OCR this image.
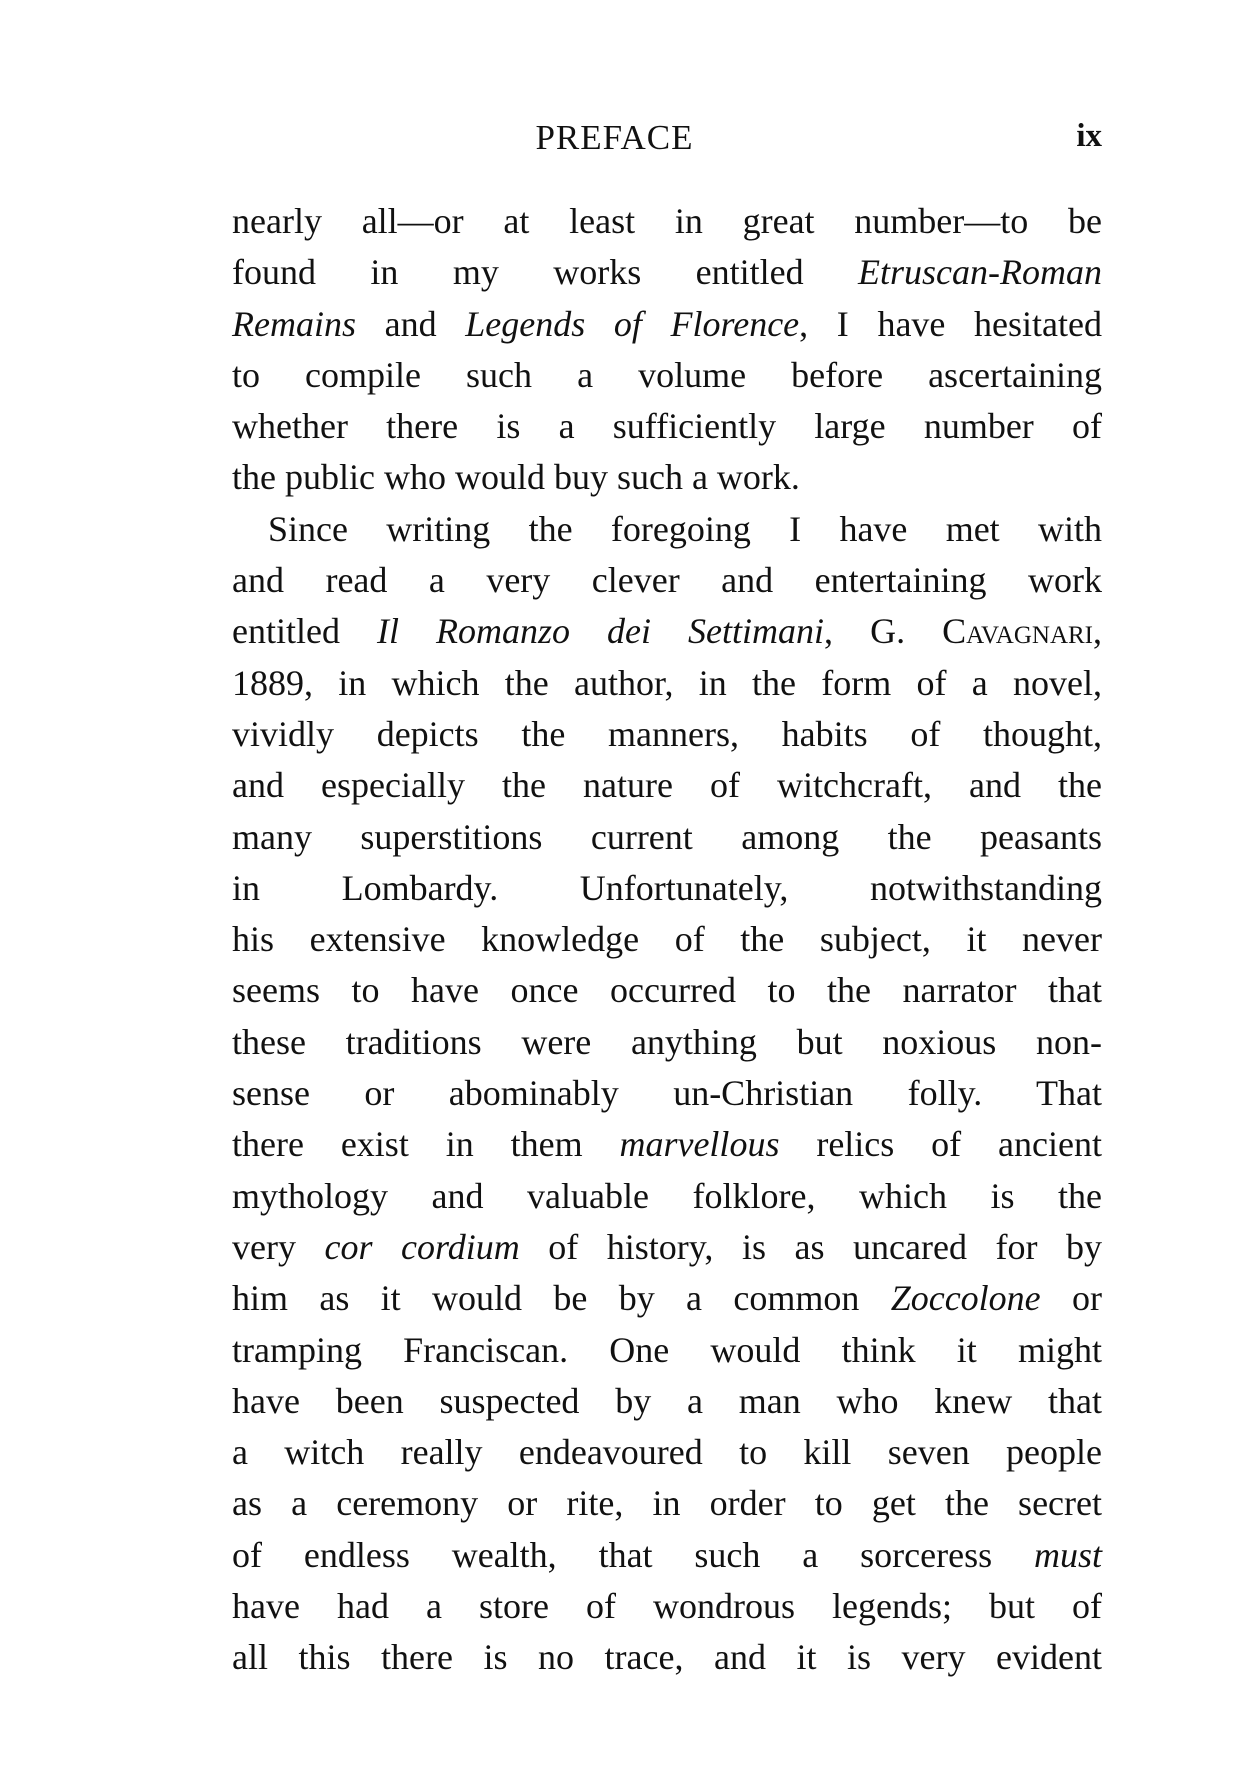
PREFACE	ix
nearly all—or at least in great number—to be
found in my works entitled Etruscan-Roman
Remains and Legends of Florence, I have hesitated
to compile such a volume before ascertaining
whether there is a sufficiently large number of
the public who would buy such a work.
Since writing the foregoing I have met with
and read a very clever and entertaining work
entitled Il Romanzo dei Settimani, G. Cavagnari,
1889, in which the author, in the form of a novel,
vividly depicts the manners, habits of thought,
and especially the nature of witchcraft, and the
many superstitions current among the peasants
in Lombardy. Unfortunately, notwithstanding
his extensive knowledge of the subject, it never
seems to have once occurred to the narrator that
these traditions were anything but noxious non-
sense or abominably un-Christian folly. That
there exist in them marvellous relics of ancient
mythology and valuable folklore, which is the
very cor cordium of history, is as uncared for by
him as it would be by a common Zoccolone or
tramping Franciscan. One would think it might
have been suspected by a man who knew that
a witch really endeavoured to kill seven people
as a ceremony or rite, in order to get the secret
of endless wealth, that such a sorceress must
have had a store of wondrous legends; but of
all this there is no trace, and it is very evident
